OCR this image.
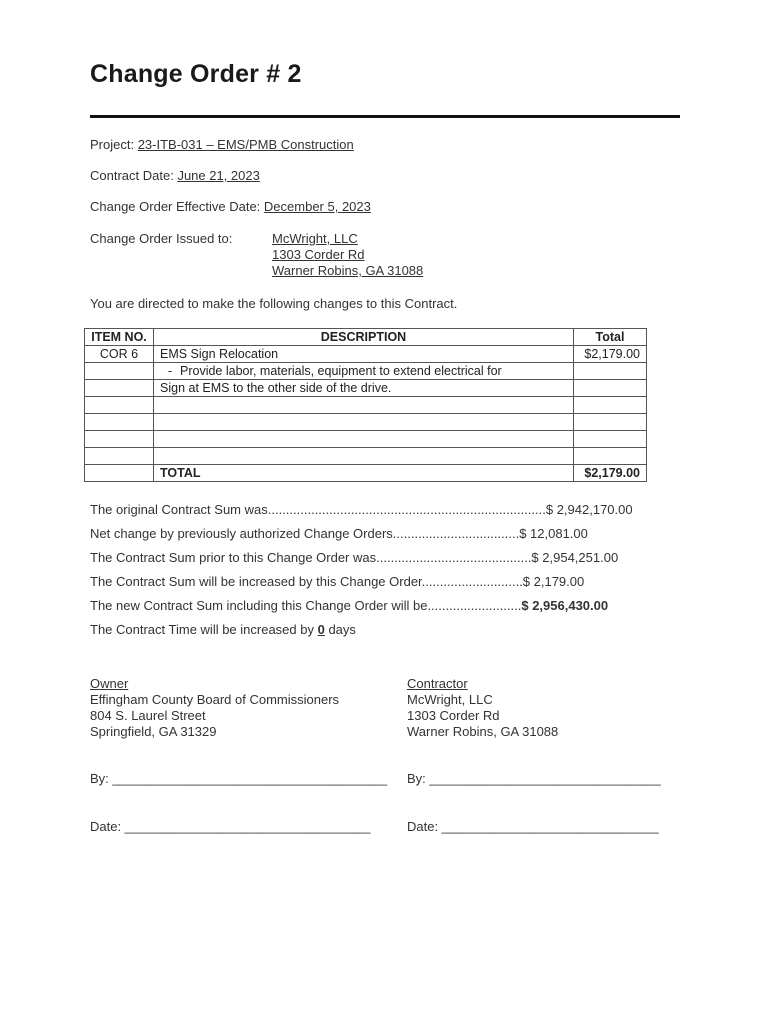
Change Order # 2
Project: 23-ITB-031 – EMS/PMB Construction
Contract Date: June 21, 2023
Change Order Effective Date: December 5, 2023
Change Order Issued to:	McWright, LLC
1303 Corder Rd
Warner Robins, GA 31088
You are directed to make the following changes to this Contract.
ITEM NO.	DESCRIPTION	Total
COR 6	EMS Sign Relocation	$2,179.00
	- Provide labor, materials, equipment to extend electrical for	
	Sign at EMS to the other side of the drive.	

	TOTAL	$2,179.00
The original Contract Sum was.............................................................................$ 2,942,170.00
Net change by previously authorized Change Orders...................................$ 12,081.00
The Contract Sum prior to this Change Order was...........................................$ 2,954,251.00
The Contract Sum will be increased by this Change Order............................$ 2,179.00
The new Contract Sum including this Change Order will be..........................$ 2,956,430.00
The Contract Time will be increased by 0 days
Owner
Effingham County Board of Commissioners
804 S. Laurel Street
Springfield, GA 31329
Contractor
McWright, LLC
1303 Corder Rd
Warner Robins, GA 31088
By: ______________________________________ By: ________________________________
Date: __________________________________	Date: ______________________________
